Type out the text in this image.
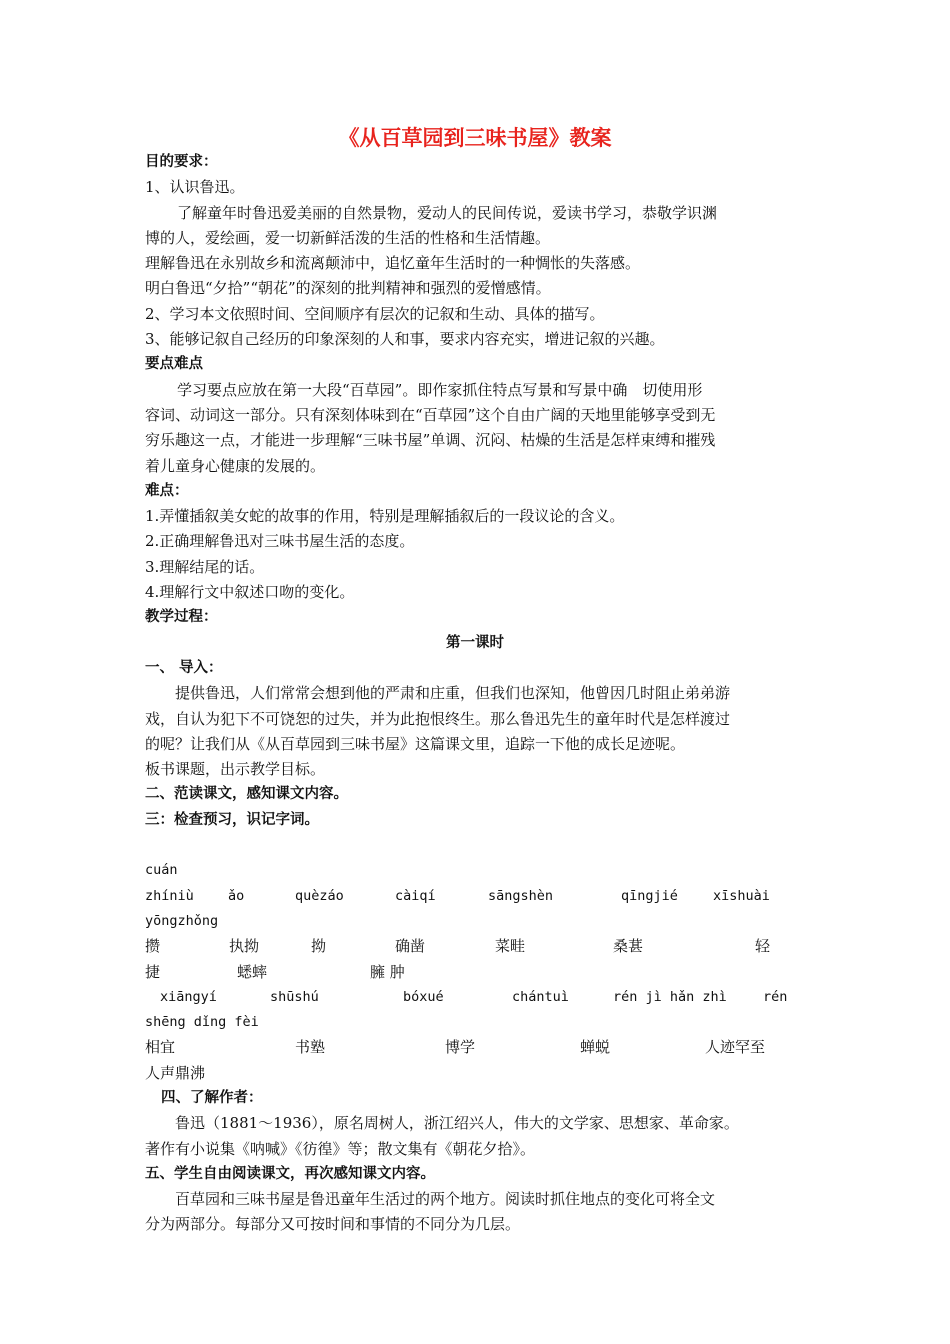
《从百草园到三味书屋》教案
目的要求：
1、认识鲁迅。
了解童年时鲁迅爱美丽的自然景物，爱动人的民间传说，爱读书学习，恭敬学识渊
博的人，爱绘画，爱一切新鲜活泼的生活的性格和生活情趣。
理解鲁迅在永别故乡和流离颠沛中，追忆童年生活时的一种惆怅的失落感。
明白鲁迅“夕拾”“朝花”的深刻的批判精神和强烈的爱憎感情。
2、学习本文依照时间、空间顺序有层次的记叙和生动、具体的描写。
3、能够记叙自己经历的印象深刻的人和事，要求内容充实，增进记叙的兴趣。
要点难点
学习要点应放在第一大段“百草园”。即作家抓住特点写景和写景中确　切使用形
容词、动词这一部分。只有深刻体味到在“百草园”这个自由广阔的天地里能够享受到无
穷乐趣这一点，才能进一步理解“三味书屋”单调、沉闷、枯燥的生活是怎样束缚和摧残
着儿童身心健康的发展的。
难点：
1.弄懂插叙美女蛇的故事的作用，特别是理解插叙后的一段议论的含义。
2.正确理解鲁迅对三味书屋生活的态度。
3.理解结尾的话。
4.理解行文中叙述口吻的变化。
教学过程：
第一课时
一、 导入：
提供鲁迅，人们常常会想到他的严肃和庄重，但我们也深知，他曾因几时阻止弟弟游
戏，自认为犯下不可饶恕的过失，并为此抱恨终生。那么鲁迅先生的童年时代是怎样渡过
的呢？让我们从《从百草园到三味书屋》这篇课文里，追踪一下他的成长足迹呢。
板书课题，出示教学目标。
二、范读课文，感知课文内容。
三：检查预习，识记字词。
cuán
zhíniù	ǎo	quèzáo	càiqí	sāngshèn	qīngjié	xīshuài
yōngzhǒng
攒	执拗	拗	确凿	菜畦	桑葚	轻
捷	蟋蟀	臃 肿
xiāngyí	shūshú	bóxué	chántuì	rén jì hǎn zhì	rén
shēng dǐng fèi
相宜	书塾	博学	蝉蜕	人迹罕至
人声鼎沸
四、了解作者：
鲁迅（1881～1936），原名周树人，浙江绍兴人，伟大的文学家、思想家、革命家。
著作有小说集《呐喊》《彷徨》等；散文集有《朝花夕拾》。
五、学生自由阅读课文，再次感知课文内容。
百草园和三味书屋是鲁迅童年生活过的两个地方。阅读时抓住地点的变化可将全文
分为两部分。每部分又可按时间和事情的不同分为几层。
